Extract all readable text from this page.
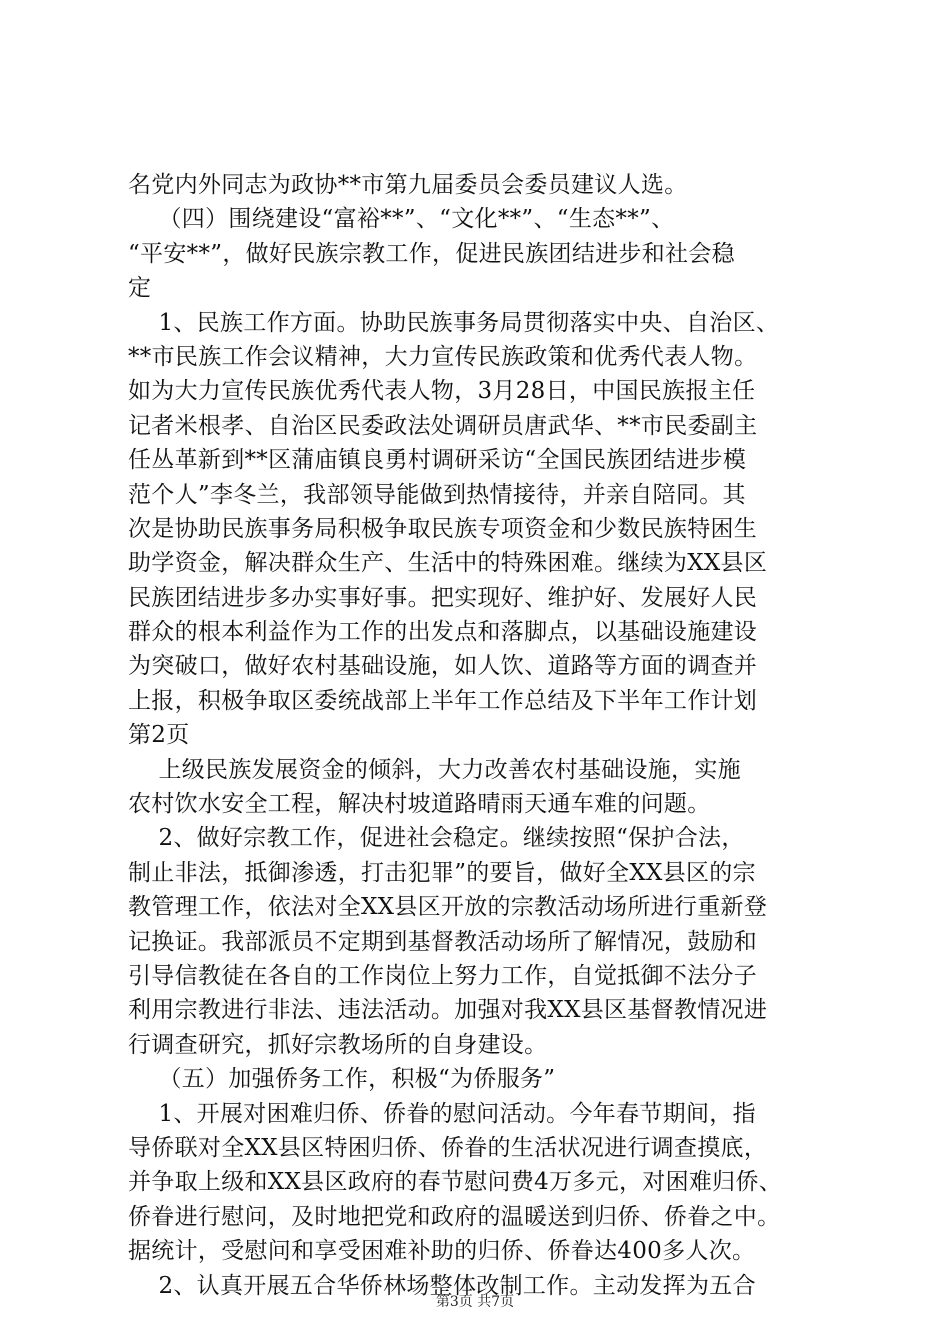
名党内外同志为政协**市第九届委员会委员建议人选。
（四）围绕建设“富裕**”、“文化**”、“生态**”、
“平安**”，做好民族宗教工作，促进民族团结进步和社会稳
定
1、民族工作方面。协助民族事务局贯彻落实中央、自治区、
**市民族工作会议精神，大力宣传民族政策和优秀代表人物。
如为大力宣传民族优秀代表人物，3月28日，中国民族报主任
记者米根孝、自治区民委政法处调研员唐武华、**市民委副主
任丛革新到**区蒲庙镇良勇村调研采访“全国民族团结进步模
范个人”李冬兰，我部领导能做到热情接待，并亲自陪同。其
次是协助民族事务局积极争取民族专项资金和少数民族特困生
助学资金，解决群众生产、生活中的特殊困难。继续为XX县区
民族团结进步多办实事好事。把实现好、维护好、发展好人民
群众的根本利益作为工作的出发点和落脚点，以基础设施建设
为突破口，做好农村基础设施，如人饮、道路等方面的调查并
上报，积极争取区委统战部上半年工作总结及下半年工作计划
第2页
上级民族发展资金的倾斜，大力改善农村基础设施，实施
农村饮水安全工程，解决村坡道路晴雨天通车难的问题。
2、做好宗教工作，促进社会稳定。继续按照“保护合法，
制止非法，抵御渗透，打击犯罪”的要旨，做好全XX县区的宗
教管理工作，依法对全XX县区开放的宗教活动场所进行重新登
记换证。我部派员不定期到基督教活动场所了解情况，鼓励和
引导信教徒在各自的工作岗位上努力工作，自觉抵御不法分子
利用宗教进行非法、违法活动。加强对我XX县区基督教情况进
行调查研究，抓好宗教场所的自身建设。
（五）加强侨务工作，积极“为侨服务”
1、开展对困难归侨、侨眷的慰问活动。今年春节期间，指
导侨联对全XX县区特困归侨、侨眷的生活状况进行调查摸底，
并争取上级和XX县区政府的春节慰问费4万多元，对困难归侨、
侨眷进行慰问，及时地把党和政府的温暖送到归侨、侨眷之中。
据统计，受慰问和享受困难补助的归侨、侨眷达400多人次。
2、认真开展五合华侨林场整体改制工作。主动发挥为五合
第3页 共7页
